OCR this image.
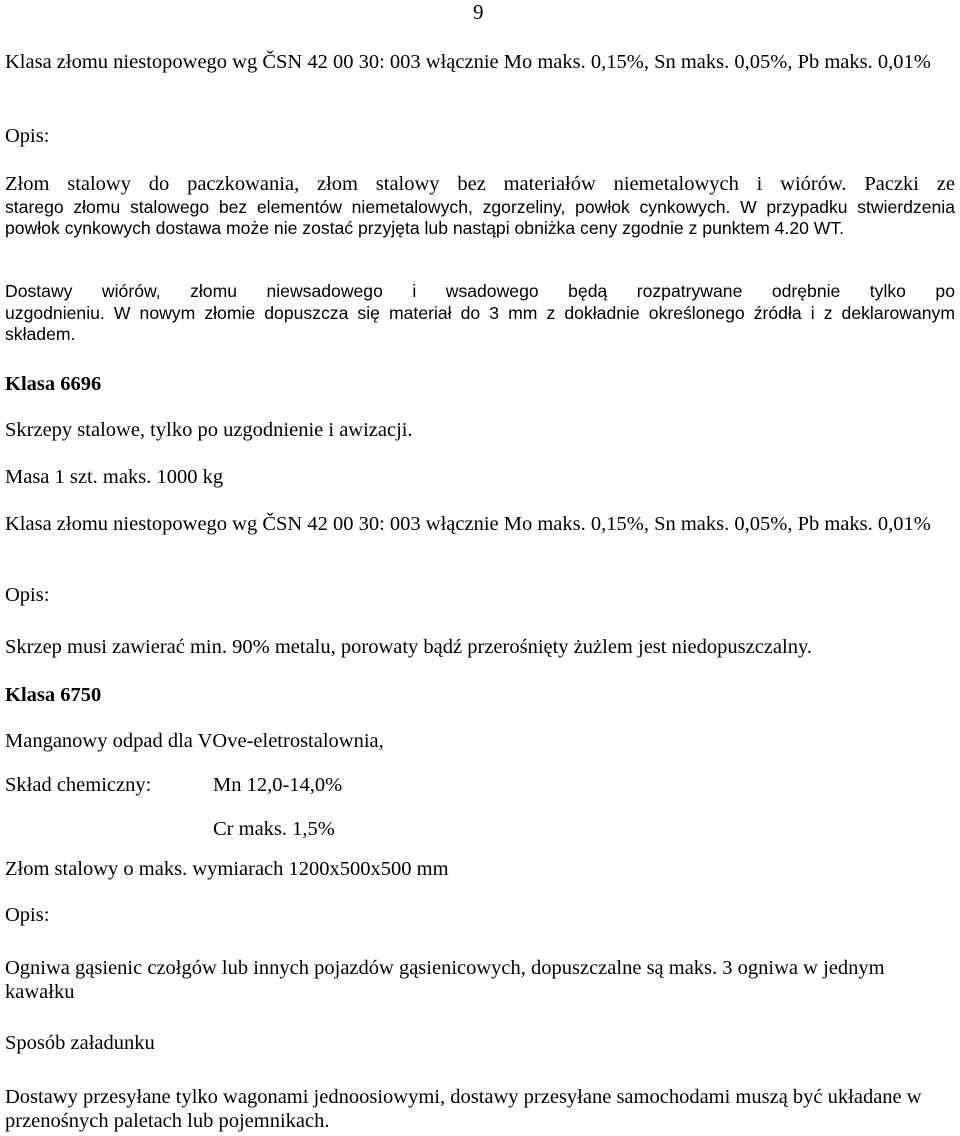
9

Klasa złomu niestopowego wg ČSN 42 00 30: 003 włącznie Mo maks. 0,15%, Sn maks. 0,05%, Pb maks. 0,01%

Opis:

Złom stalowy do paczkowania, złom stalowy bez materiałów niemetalowych i wiórów. Paczki ze

starego złomu stalowego bez elementów niemetalowych, zgorzeliny, powłok cynkowych. W przypadku stwierdzenia powłok cynkowych dostawa może nie zostać przyjęta lub nastąpi obniżka ceny zgodnie z punktem 4.20 WT.

Dostawy wiórów, złomu niewsadowego i wsadowego będą rozpatrywane odrębnie tylko po

uzgodnieniu. W nowym złomie dopuszcza się materiał do 3 mm z dokładnie określonego źródła i z deklarowanym składem.

Klasa 6696

Skrzepy stalowe, tylko po uzgodnienie i awizacji.

Masa 1 szt. maks. 1000 kg

Klasa złomu niestopowego wg ČSN 42 00 30: 003 włącznie Mo maks. 0,15%, Sn maks. 0,05%, Pb maks. 0,01%

Opis:

Skrzep musi zawierać min. 90% metalu, porowaty bądź przerośnięty żużlem jest niedopuszczalny.

Klasa 6750

Manganowy odpad dla VOve-eletrostalownia,

Skład chemiczny:	Mn 12,0-14,0%

Cr maks. 1,5%

Złom stalowy o maks. wymiarach 1200x500x500 mm

Opis:

Ogniwa gąsienic czołgów lub innych pojazdów gąsienicowych, dopuszczalne są maks. 3 ogniwa w jednym kawałku

Sposób załadunku

Dostawy przesyłane tylko wagonami jednoosiowymi, dostawy przesyłane samochodami muszą być układane w przenośnych paletach lub pojemnikach.
